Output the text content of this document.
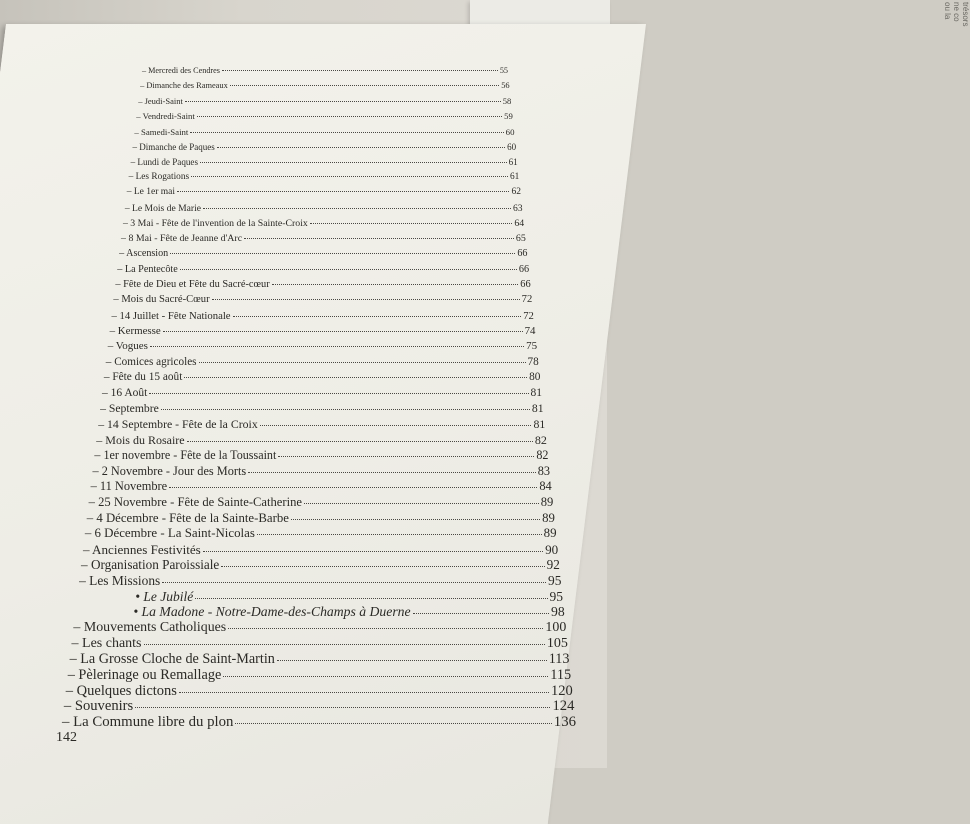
trésors
ne co
ou la
– Mercredi des Cendres	55
– Dimanche des Rameaux	56
– Jeudi-Saint	58
– Vendredi-Saint	59
– Samedi-Saint	60
– Dimanche de Paques	60
– Lundi de Paques	61
– Les Rogations	61
– Le 1er mai	62
– Le Mois de Marie	63
– 3 Mai - Fête de l'invention de la Sainte-Croix	64
– 8 Mai - Fête de Jeanne d'Arc	65
– Ascension	66
– La Pentecôte	66
– Fête de Dieu et Fête du Sacré-cœur	66
– Mois du Sacré-Cœur	72
– 14 Juillet - Fête Nationale	72
– Kermesse	74
– Vogues	75
– Comices agricoles	78
– Fête du 15 août	80
– 16 Août	81
– Septembre	81
– 14 Septembre - Fête de la Croix	81
– Mois du Rosaire	82
– 1er novembre - Fête de la Toussaint	82
– 2 Novembre - Jour des Morts	83
– 11 Novembre	84
– 25 Novembre - Fête de Sainte-Catherine	89
– 4 Décembre - Fête de la Sainte-Barbe	89
– 6 Décembre - La Saint-Nicolas	89
– Anciennes Festivités	90
– Organisation Paroissiale	92
– Les Missions	95
• Le Jubilé	95
• La Madone - Notre-Dame-des-Champs à Duerne	98
– Mouvements Catholiques	100
– Les chants	105
– La Grosse Cloche de Saint-Martin	113
– Pèlerinage ou Remallage	115
– Quelques dictons	120
– Souvenirs	124
– La Commune libre du plon	136
142
